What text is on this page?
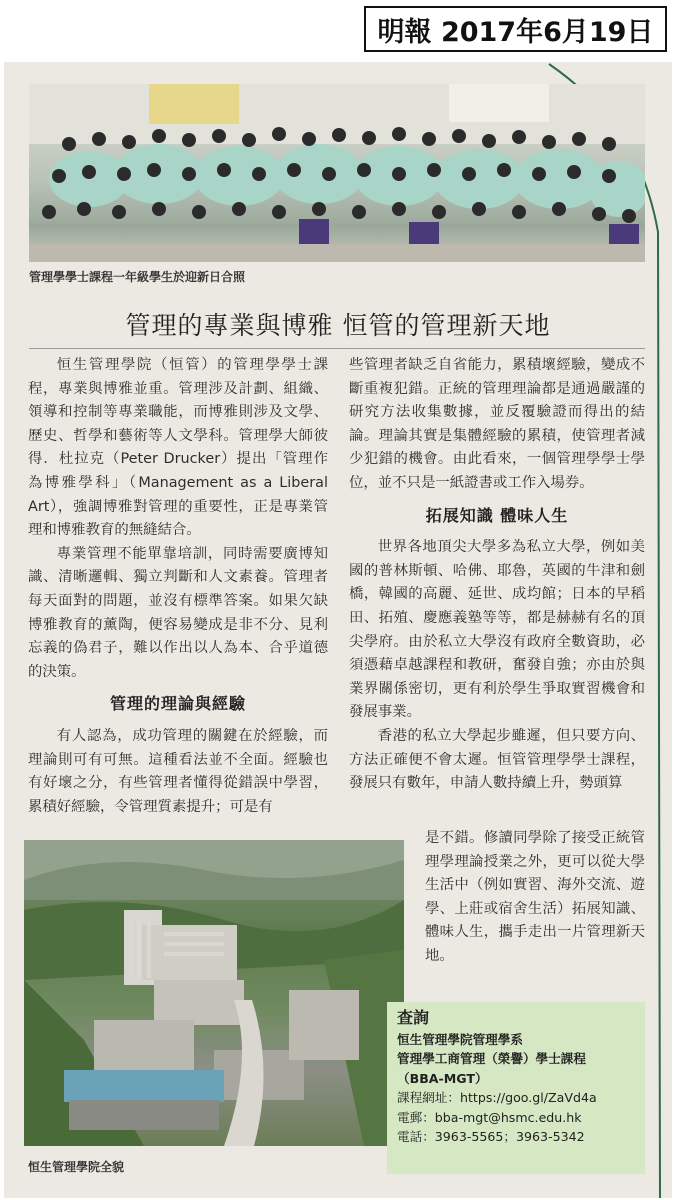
明報 2017年6月19日
管理學學士課程一年級學生於迎新日合照
管理的專業與博雅 恒管的管理新天地

恒生管理學院（恒管）的管理學學士課程，專業與博雅並重。管理涉及計劃、組織、領導和控制等專業職能，而博雅則涉及文學、歷史、哲學和藝術等人文學科。管理學大師彼得．杜拉克（Peter Drucker）提出「管理作為博雅學科」（Management as a Liberal Art），強調博雅對管理的重要性，正是專業管理和博雅教育的無縫結合。

專業管理不能單靠培訓，同時需要廣博知識、清晰邏輯、獨立判斷和人文素養。管理者每天面對的問題，並沒有標準答案。如果欠缺博雅教育的薰陶，便容易變成是非不分、見利忘義的偽君子，難以作出以人為本、合乎道德的決策。

管理的理論與經驗

有人認為，成功管理的關鍵在於經驗，而理論則可有可無。這種看法並不全面。經驗也有好壞之分，有些管理者懂得從錯誤中學習，累積好經驗，令管理質素提升；可是有

些管理者缺乏自省能力，累積壞經驗，變成不斷重複犯錯。正統的管理理論都是通過嚴謹的研究方法收集數據，並反覆驗證而得出的結論。理論其實是集體經驗的累積，使管理者減少犯錯的機會。由此看來，一個管理學學士學位，並不只是一紙證書或工作入場券。

拓展知識 體味人生

世界各地頂尖大學多為私立大學，例如美國的普林斯頓、哈佛、耶魯，英國的牛津和劍橋，韓國的高麗、延世、成均館；日本的早稻田、拓殖、慶應義塾等等，都是赫赫有名的頂尖學府。由於私立大學沒有政府全數資助，必須憑藉卓越課程和教研，奮發自強；亦由於與業界關係密切，更有利於學生爭取實習機會和發展事業。

香港的私立大學起步雖遲，但只要方向、方法正確便不會太遲。恒管管理學學士課程，發展只有數年，申請人數持續上升，勢頭算

是不錯。修讀同學除了接受正統管理學理論授業之外，更可以從大學生活中（例如實習、海外交流、遊學、上莊或宿舍生活）拓展知識、體味人生，攜手走出一片管理新天地。

恒生管理學院全貌
查詢
恒生管理學院管理學系
管理學工商管理（榮譽）學士課程
（BBA-MGT）
課程網址：https://goo.gl/ZaVd4a
電郵：bba-mgt@hsmc.edu.hk
電話：3963-5565；3963-5342
